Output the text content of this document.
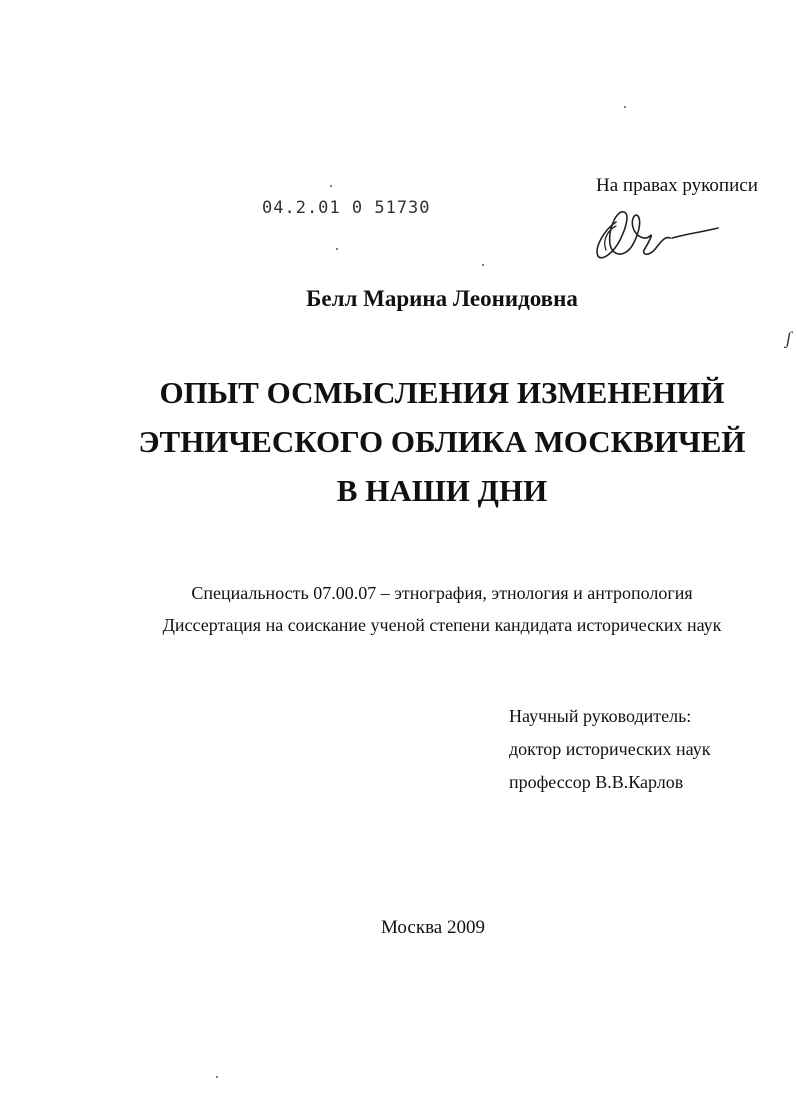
На правах рукописи
04.2.01 0 51730
ʃ
Белл Марина Леонидовна
ОПЫТ ОСМЫСЛЕНИЯ ИЗМЕНЕНИЙ
ЭТНИЧЕСКОГО ОБЛИКА МОСКВИЧЕЙ
В НАШИ ДНИ
Специальность 07.00.07 – этнография, этнология и антропология
Диссертация на соискание ученой степени кандидата исторических наук
Научный руководитель:
доктор исторических наук
профессор В.В.Карлов
Москва 2009
